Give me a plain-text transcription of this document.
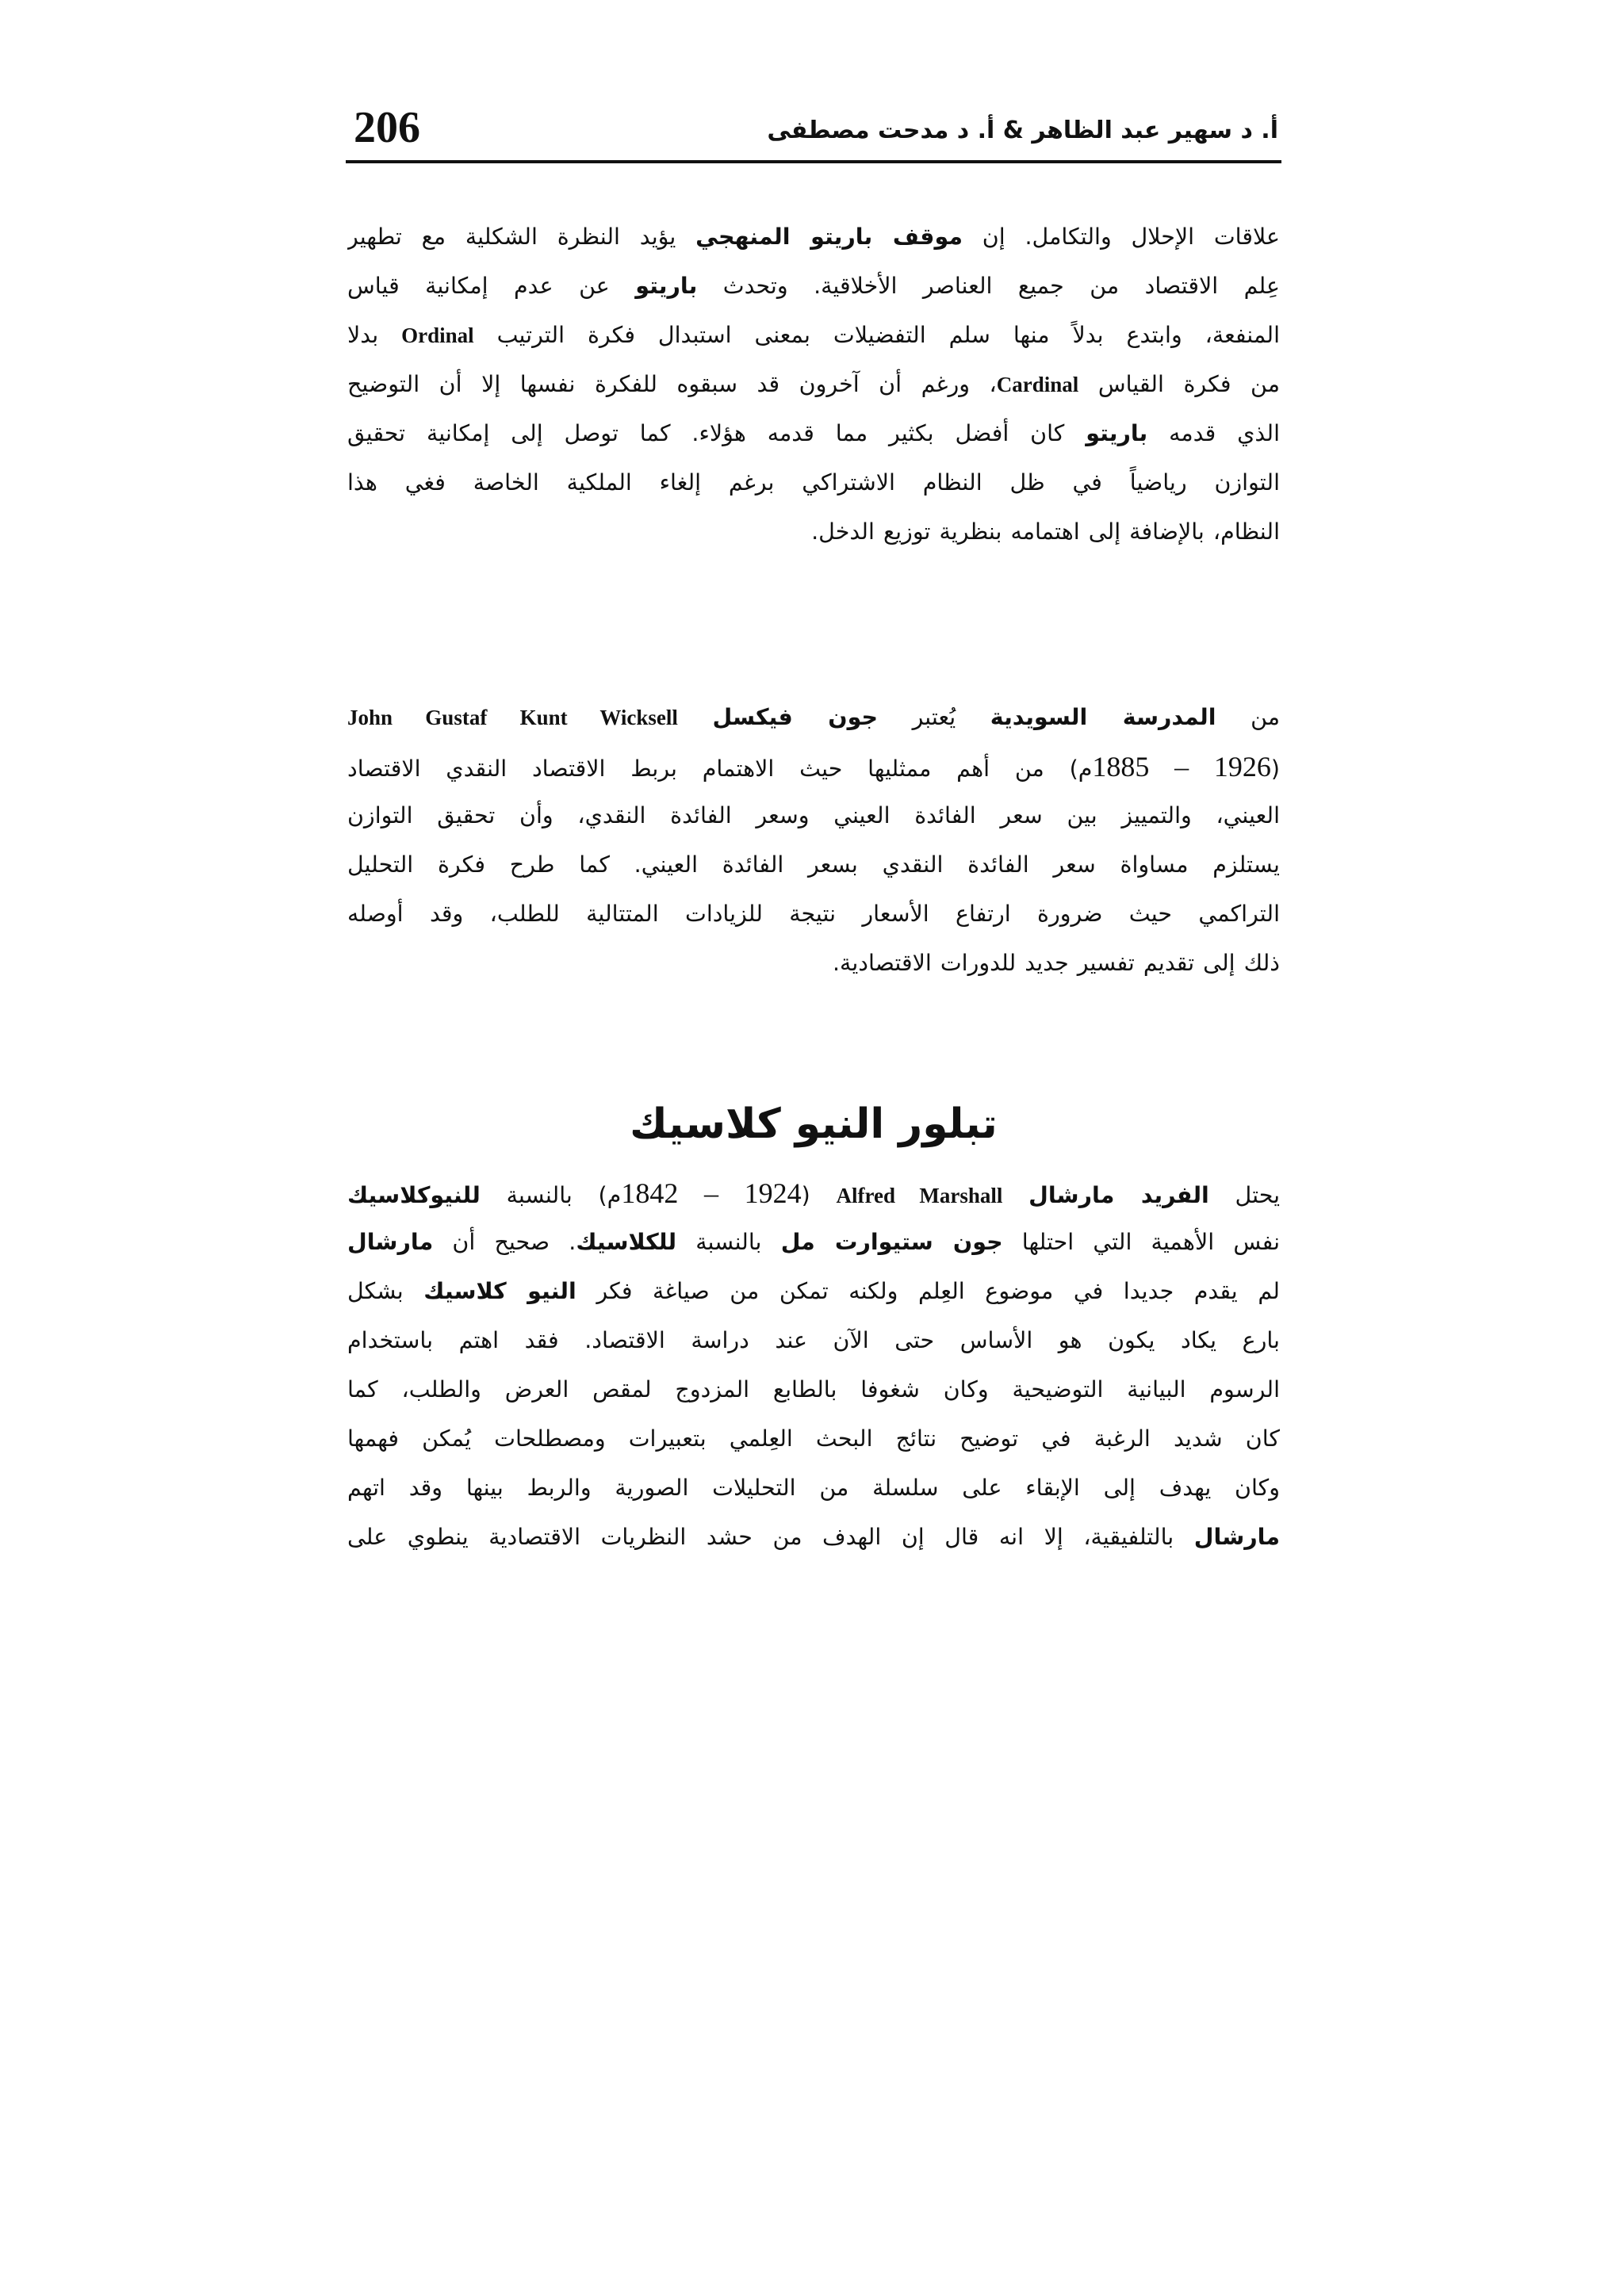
206	أ. د سهير عبد الظاهر & أ. د مدحت مصطفى
علاقات الإحلال والتكامل. إن موقف باريتو المنهجي يؤيد النظرة الشكلية مع تطهير
عِلم الاقتصاد من جميع العناصر الأخلاقية. وتحدث باريتو عن عدم إمكانية قياس
المنفعة، وابتدع بدلاً منها سلم التفضيلات بمعنى استبدال فكرة الترتيب Ordinal بدلا
من فكرة القياس Cardinal، ورغم أن آخرون قد سبقوه للفكرة نفسها إلا أن التوضيح
الذي قدمه باريتو كان أفضل بكثير مما قدمه هؤلاء. كما توصل إلى إمكانية تحقيق
التوازن رياضياً في ظل النظام الاشتراكي برغم إلغاء الملكية الخاصة فغي هذا
النظام، بالإضافة إلى اهتمامه بنظرية توزيع الدخل.
من المدرسة السويدية يُعتبر جون فيكسل John Gustaf Kunt Wicksell
(1885 – 1926م) من أهم ممثليها حيث الاهتمام بربط الاقتصاد النقدي الاقتصاد
العيني، والتمييز بين سعر الفائدة العيني وسعر الفائدة النقدي، وأن تحقيق التوازن
يستلزم مساواة سعر الفائدة النقدي بسعر الفائدة العيني. كما طرح فكرة التحليل
التراكمي حيث ضرورة ارتفاع الأسعار نتيجة للزيادات المتتالية للطلب، وقد أوصله
ذلك إلى تقديم تفسير جديد للدورات الاقتصادية.
تبلور النيو كلاسيك
يحتل الفريد مارشال Alfred Marshall (1842 – 1924م) بالنسبة للنيوكلاسيك
نفس الأهمية التي احتلها جون ستيوارت مل بالنسبة للكلاسيك. صحيح أن مارشال
لم يقدم جديدا في موضوع العِلم ولكنه تمكن من صياغة فكر النيو كلاسيك بشكل
بارع يكاد يكون هو الأساس حتى الآن عند دراسة الاقتصاد. فقد اهتم باستخدام
الرسوم البيانية التوضيحية وكان شغوفا بالطابع المزدوج لمقص العرض والطلب، كما
كان شديد الرغبة في توضيح نتائج البحث العِلمي بتعبيرات ومصطلحات يُمكن فهمها
وكان يهدف إلى الإبقاء على سلسلة من التحليلات الصورية والربط بينها وقد اتهم
مارشال بالتلفيقية، إلا انه قال إن الهدف من حشد النظريات الاقتصادية ينطوي على
